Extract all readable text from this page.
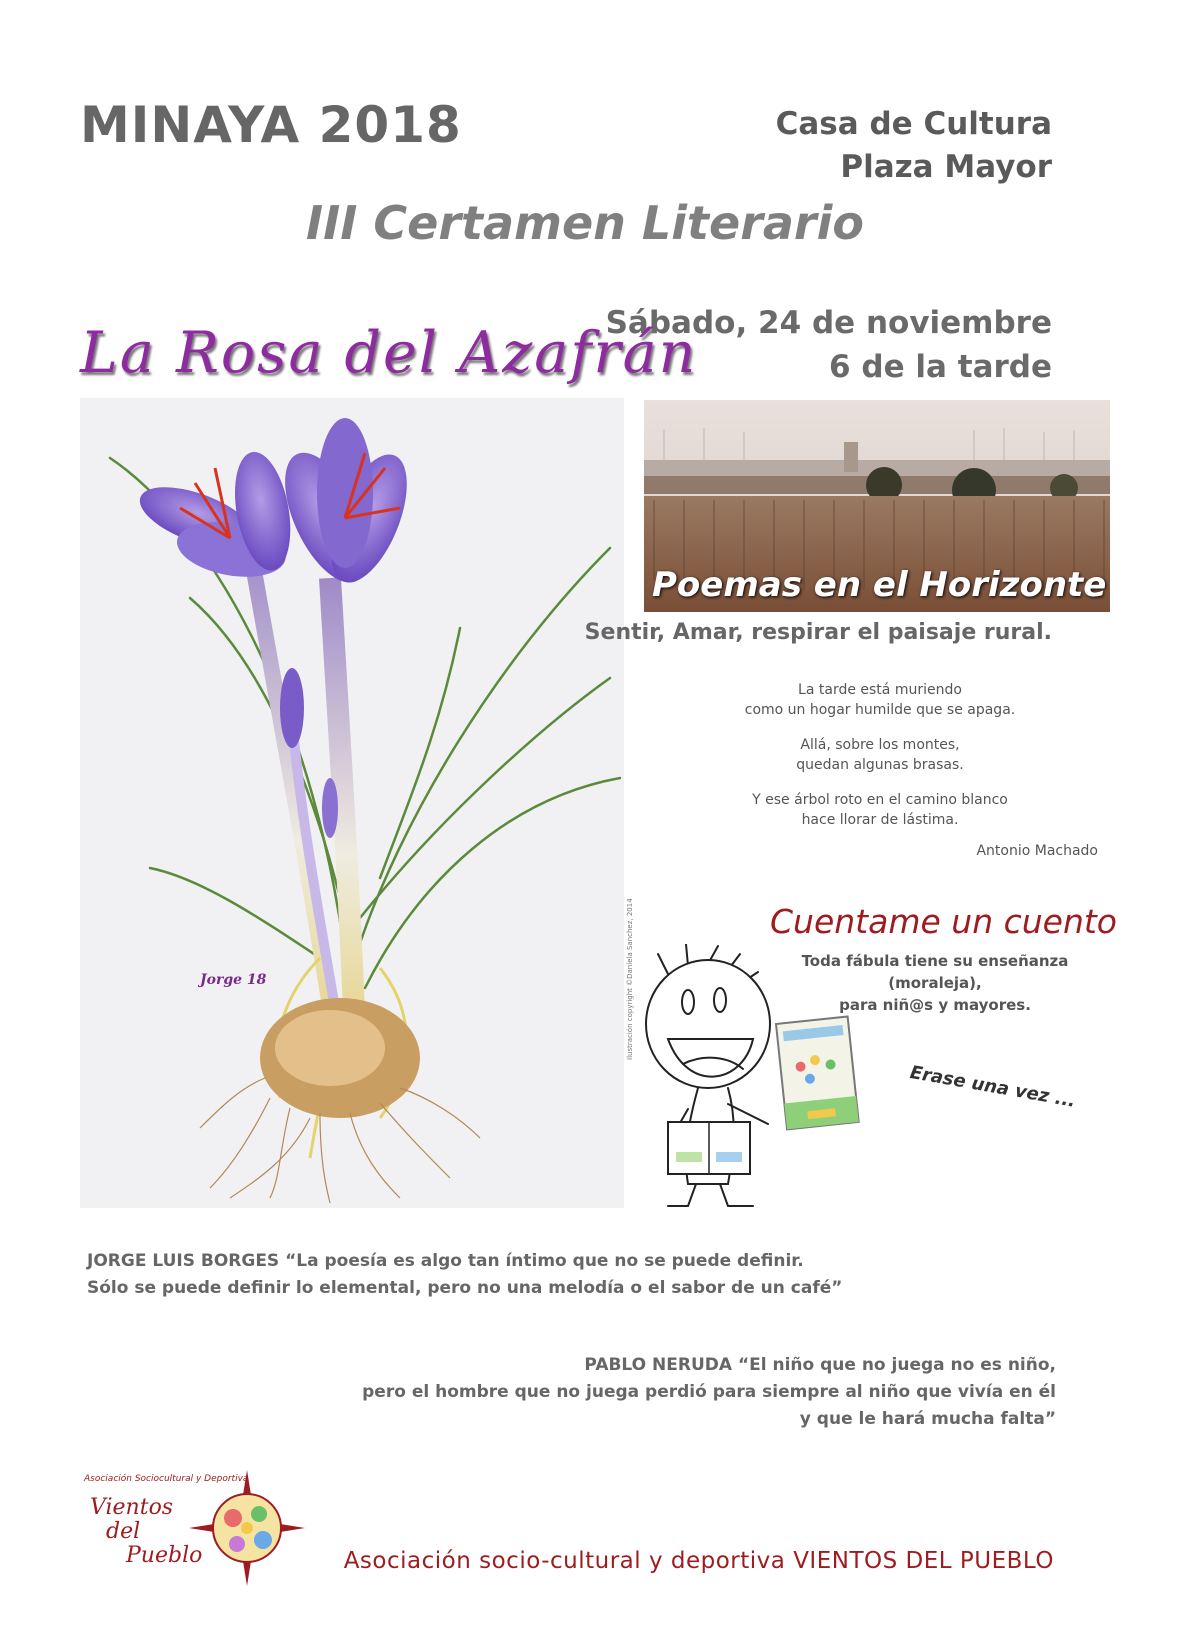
MINAYA 2018	Casa de Cultura
Plaza Mayor
III Certamen Literario
Sábado, 24 de noviembre
6 de la tarde
La Rosa del Azafrán
Jorge 18	Ilustración copyright ©Daniela Sanchez, 2014
Poemas en el Horizonte
Sentir, Amar, respirar el paisaje rural.
La tarde está muriendo
como un hogar humilde que se apaga.
Allá, sobre los montes,
quedan algunas brasas.
Y ese árbol roto en el camino blanco
hace llorar de lástima.
Antonio Machado
Cuentame un cuento
Toda fábula tiene su enseñanza (moraleja),
para niñ@s y mayores.
Erase una vez ...
JORGE LUIS BORGES “La poesía es algo tan íntimo que no se puede definir.
Sólo se puede definir lo elemental, pero no una melodía o el sabor de un café”
PABLO NERUDA “El niño que no juega no es niño,
pero el hombre que no juega perdió para siempre al niño que vivía en él
y que le hará mucha falta”
Vientos
del
Pueblo
Asociación Sociocultural y Deportiva
Asociación socio-cultural y deportiva VIENTOS DEL PUEBLO
